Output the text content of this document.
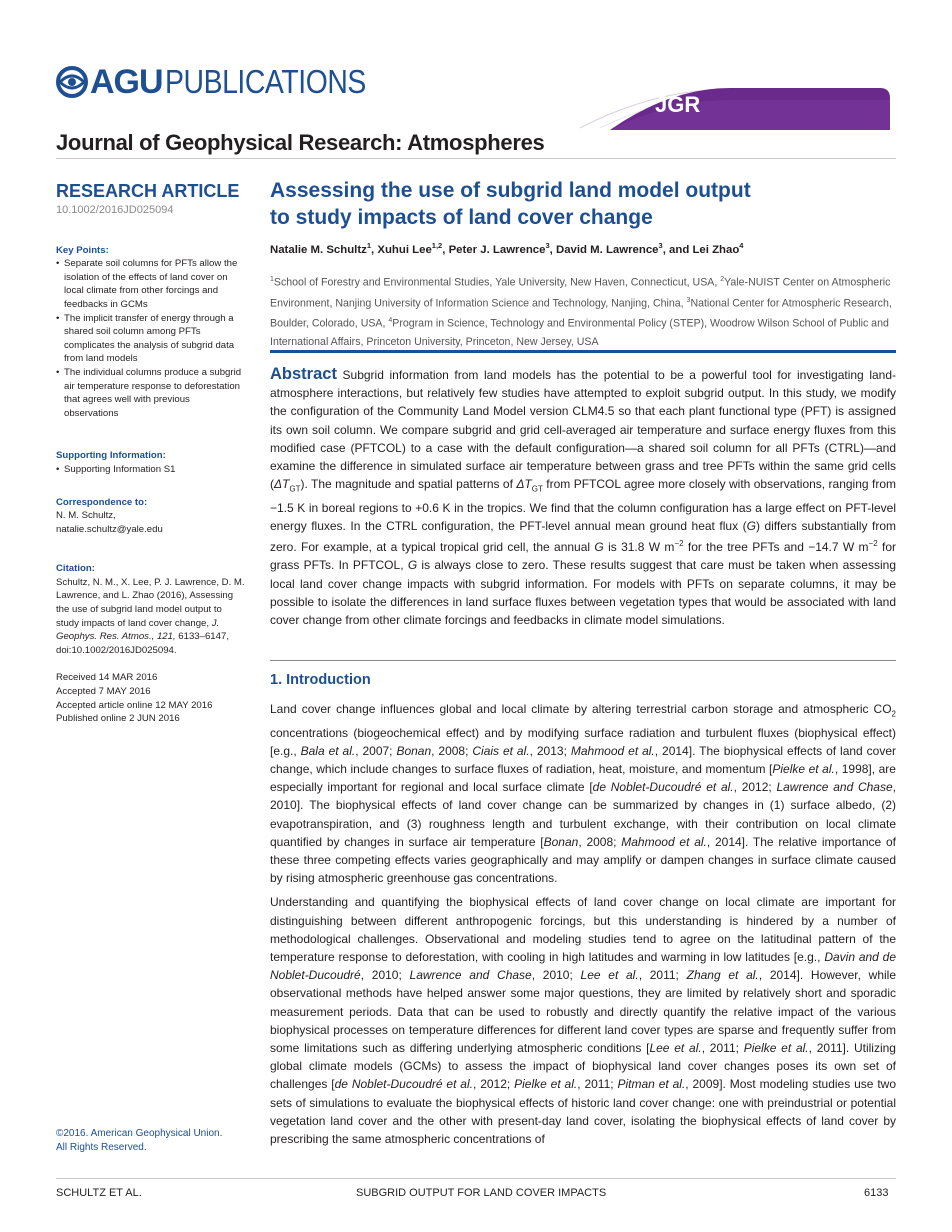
AGU PUBLICATIONS
JGR
Journal of Geophysical Research: Atmospheres
RESEARCH ARTICLE
10.1002/2016JD025094
Key Points:
• Separate soil columns for PFTs allow the isolation of the effects of land cover on local climate from other forcings and feedbacks in GCMs
• The implicit transfer of energy through a shared soil column among PFTs complicates the analysis of subgrid data from land models
• The individual columns produce a subgrid air temperature response to deforestation that agrees well with previous observations
Supporting Information:
• Supporting Information S1
Correspondence to:
N. M. Schultz,
natalie.schultz@yale.edu
Citation:
Schultz, N. M., X. Lee, P. J. Lawrence, D. M. Lawrence, and L. Zhao (2016), Assessing the use of subgrid land model output to study impacts of land cover change, J. Geophys. Res. Atmos., 121, 6133–6147, doi:10.1002/2016JD025094.
Received 14 MAR 2016
Accepted 7 MAY 2016
Accepted article online 12 MAY 2016
Published online 2 JUN 2016
©2016. American Geophysical Union.
All Rights Reserved.
Assessing the use of subgrid land model output
to study impacts of land cover change
Natalie M. Schultz$^1$, Xuhui Lee$^{1,2}$, Peter J. Lawrence$^3$, David M. Lawrence$^3$, and Lei Zhao$^4$
$^1$School of Forestry and Environmental Studies, Yale University, New Haven, Connecticut, USA, $^2$Yale-NUIST Center on Atmospheric Environment, Nanjing University of Information Science and Technology, Nanjing, China, $^3$National Center for Atmospheric Research, Boulder, Colorado, USA, $^4$Program in Science, Technology and Environmental Policy (STEP), Woodrow Wilson School of Public and International Affairs, Princeton University, Princeton, New Jersey, USA
Abstract Subgrid information from land models has the potential to be a powerful tool for investigating land-atmosphere interactions, but relatively few studies have attempted to exploit subgrid output. In this study, we modify the configuration of the Community Land Model version CLM4.5 so that each plant functional type (PFT) is assigned its own soil column. We compare subgrid and grid cell-averaged air temperature and surface energy fluxes from this modified case (PFTCOL) to a case with the default configuration—a shared soil column for all PFTs (CTRL)—and examine the difference in simulated surface air temperature between grass and tree PFTs within the same grid cells $(\Delta T_{GT})$. The magnitude and spatial patterns of $\Delta T_{GT}$ from PFTCOL agree more closely with observations, ranging from −1.5 K in boreal regions to +0.6 K in the tropics. We find that the column configuration has a large effect on PFT-level energy fluxes. In the CTRL configuration, the PFT-level annual mean ground heat flux (G) differs substantially from zero. For example, at a typical tropical grid cell, the annual G is 31.8 W $m^{-2}$ for the tree PFTs and −14.7 W $m^{-2}$ for grass PFTs. In PFTCOL, G is always close to zero. These results suggest that care must be taken when assessing local land cover change impacts with subgrid information. For models with PFTs on separate columns, it may be possible to isolate the differences in land surface fluxes between vegetation types that would be associated with land cover change from other climate forcings and feedbacks in climate model simulations.
1. Introduction

Land cover change influences global and local climate by altering terrestrial carbon storage and atmospheric $CO_2$ concentrations (biogeochemical effect) and by modifying surface radiation and turbulent fluxes (biophysical effect) [e.g., Bala et al., 2007; Bonan, 2008; Ciais et al., 2013; Mahmood et al., 2014]. The biophysical effects of land cover change, which include changes to surface fluxes of radiation, heat, moisture, and momentum [Pielke et al., 1998], are especially important for regional and local surface climate [de Noblet-Ducoudré et al., 2012; Lawrence and Chase, 2010]. The biophysical effects of land cover change can be summarized by changes in (1) surface albedo, (2) evapotranspiration, and (3) roughness length and turbulent exchange, with their contribution on local climate quantified by changes in surface air temperature [Bonan, 2008; Mahmood et al., 2014]. The relative importance of these three competing effects varies geographically and may amplify or dampen changes in surface climate caused by rising atmospheric greenhouse gas concentrations.

Understanding and quantifying the biophysical effects of land cover change on local climate are important for distinguishing between different anthropogenic forcings, but this understanding is hindered by a number of methodological challenges. Observational and modeling studies tend to agree on the latitudinal pattern of the temperature response to deforestation, with cooling in high latitudes and warming in low latitudes [e.g., Davin and de Noblet-Ducoudré, 2010; Lawrence and Chase, 2010; Lee et al., 2011; Zhang et al., 2014]. However, while observational methods have helped answer some major questions, they are limited by relatively short and sporadic measurement periods. Data that can be used to robustly and directly quantify the relative impact of the various biophysical processes on temperature differences for different land cover types are sparse and frequently suffer from some limitations such as differing underlying atmospheric conditions [Lee et al., 2011; Pielke et al., 2011]. Utilizing global climate models (GCMs) to assess the impact of biophysical land cover changes poses its own set of challenges [de Noblet-Ducoudré et al., 2012; Pielke et al., 2011; Pitman et al., 2009]. Most modeling studies use two sets of simulations to evaluate the biophysical effects of historic land cover change: one with preindustrial or potential vegetation land cover and the other with present-day land cover, isolating the biophysical effects of land cover by prescribing the same atmospheric concentrations of

SCHULTZ ET AL.	SUBGRID OUTPUT FOR LAND COVER IMPACTS	6133
